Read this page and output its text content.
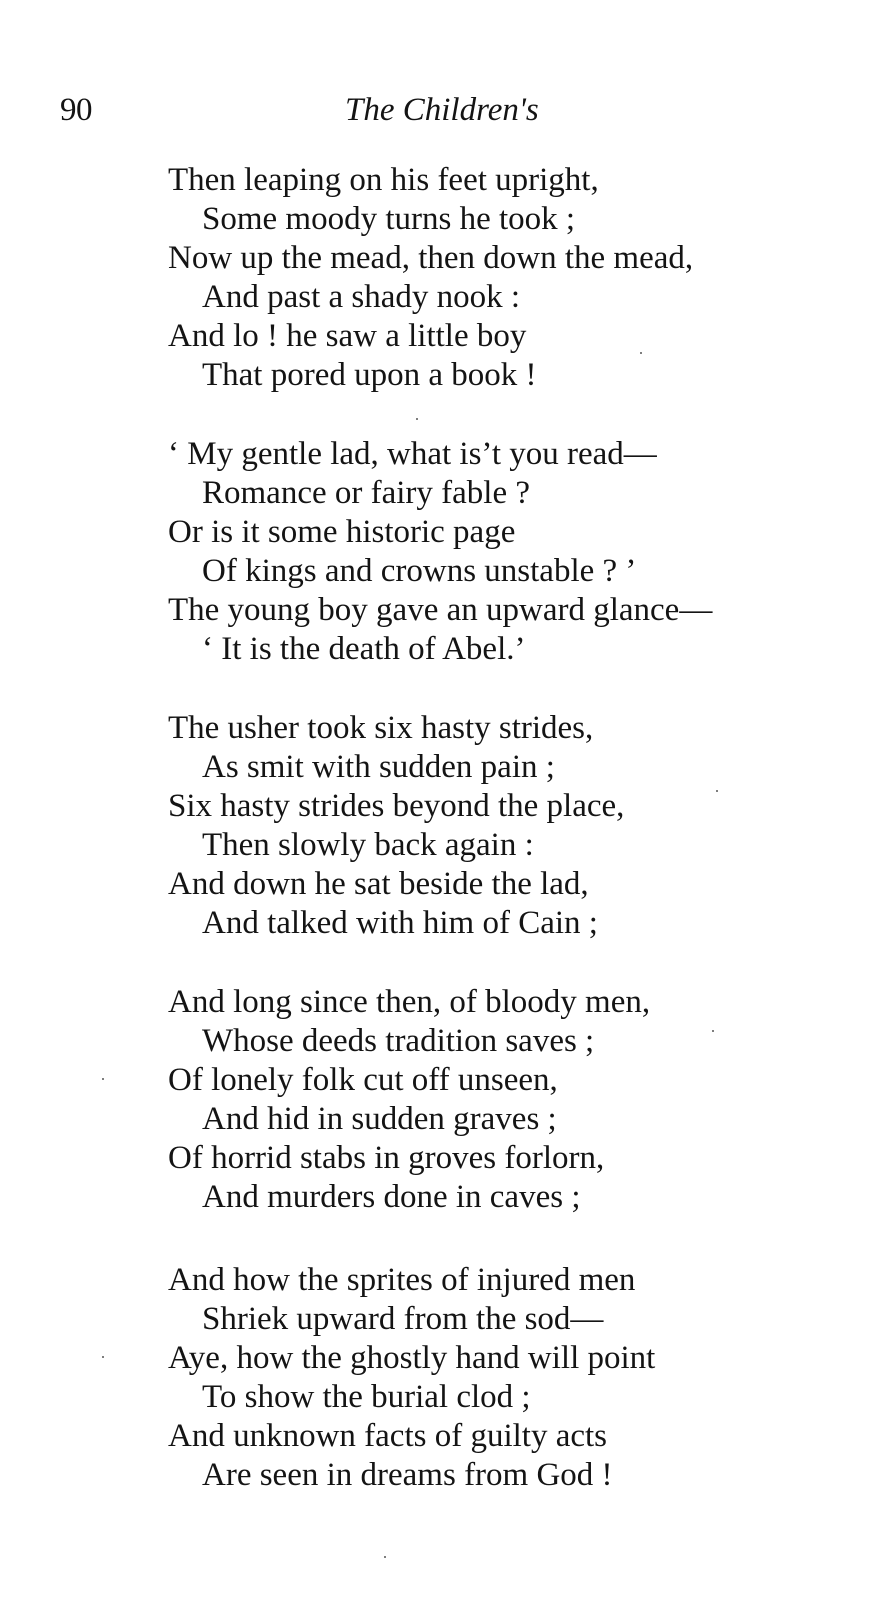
90	The Children's
Then leaping on his feet upright,
Some moody turns he took ;
Now up the mead, then down the mead,
And past a shady nook :
And lo ! he saw a little boy
That pored upon a book !
‘ My gentle lad, what is’t you read—
Romance or fairy fable ?
Or is it some historic page
Of kings and crowns unstable ? ’
The young boy gave an upward glance—
‘ It is the death of Abel.’
The usher took six hasty strides,
As smit with sudden pain ;
Six hasty strides beyond the place,
Then slowly back again :
And down he sat beside the lad,
And talked with him of Cain ;
And long since then, of bloody men,
Whose deeds tradition saves ;
Of lonely folk cut off unseen,
And hid in sudden graves ;
Of horrid stabs in groves forlorn,
And murders done in caves ;
And how the sprites of injured men
Shriek upward from the sod—
Aye, how the ghostly hand will point
To show the burial clod ;
And unknown facts of guilty acts
Are seen in dreams from God !
